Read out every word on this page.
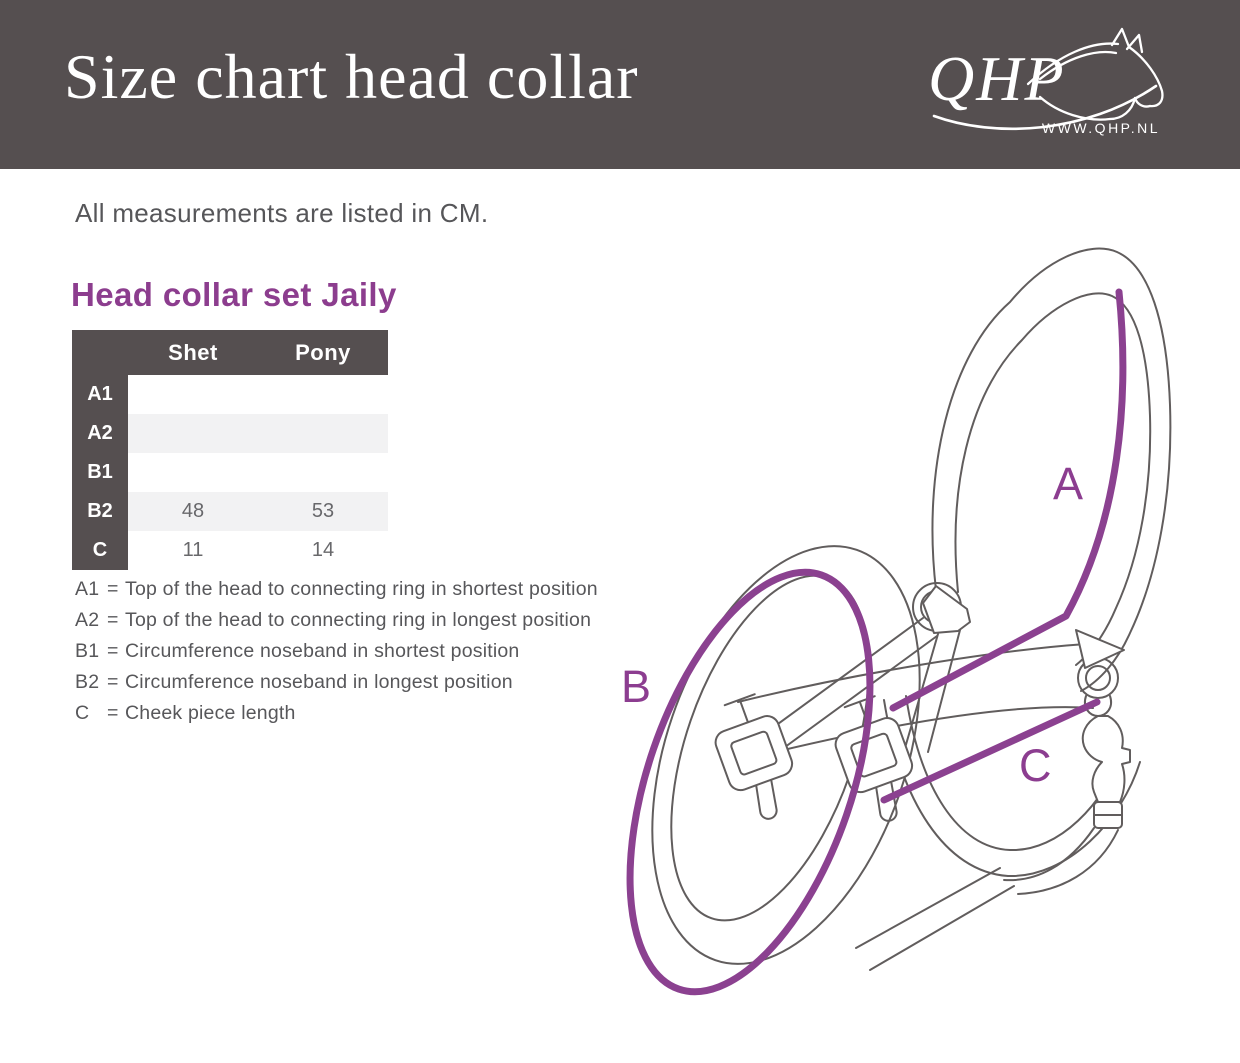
Size chart head collar	QHP
WWW.QHP.NL
All measurements are listed in CM.
Head collar set Jaily
Shet	Pony
A1
A2
B1
B2	48	53
C	11	14
A1 = Top of the head to connecting ring in shortest position
A2 = Top of the head to connecting ring in longest position
B1 = Circumference noseband in shortest position
B2 = Circumference noseband in longest position
C = Cheek piece length
A
B
C
